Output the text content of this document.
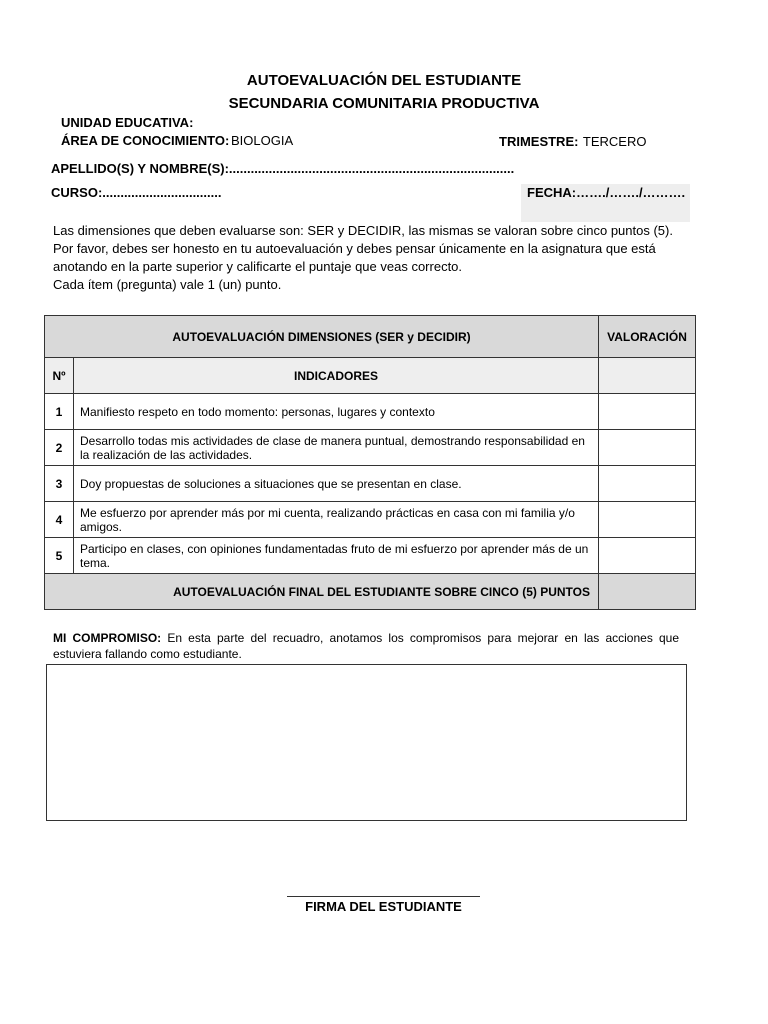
AUTOEVALUACIÓN DEL ESTUDIANTE
SECUNDARIA COMUNITARIA PRODUCTIVA
UNIDAD EDUCATIVA:
ÁREA DE CONOCIMIENTO: BIOLOGIA	TRIMESTRE: TERCERO
APELLIDO(S) Y NOMBRE(S):...............................................................................
CURSO:.................................	FECHA:……./……./……….
Las dimensiones que deben evaluarse son: SER y DECIDIR, las mismas se valoran sobre cinco puntos (5).
Por favor, debes ser honesto en tu autoevaluación y debes pensar únicamente en la asignatura que está
anotando en la parte superior y calificarte el puntaje que veas correcto.
Cada ítem (pregunta) vale 1 (un) punto.
AUTOEVALUACIÓN DIMENSIONES (SER y DECIDIR)		VALORACIÓN
Nº	INDICADORES	
1	Manifiesto respeto en todo momento: personas, lugares y contexto	
2	Desarrollo todas mis actividades de clase de manera puntual, demostrando responsabilidad en la realización de las actividades.	
3	Doy propuestas de soluciones a situaciones que se presentan en clase.	
4	Me esfuerzo por aprender más por mi cuenta, realizando prácticas en casa con mi familia y/o amigos.	
5	Participo en clases, con opiniones fundamentadas fruto de mi esfuerzo por aprender más de un tema.	
AUTOEVALUACIÓN FINAL DEL ESTUDIANTE SOBRE CINCO (5) PUNTOS		
MI COMPROMISO: En esta parte del recuadro, anotamos los compromisos para mejorar en las acciones que estuviera fallando como estudiante.
FIRMA DEL ESTUDIANTE
